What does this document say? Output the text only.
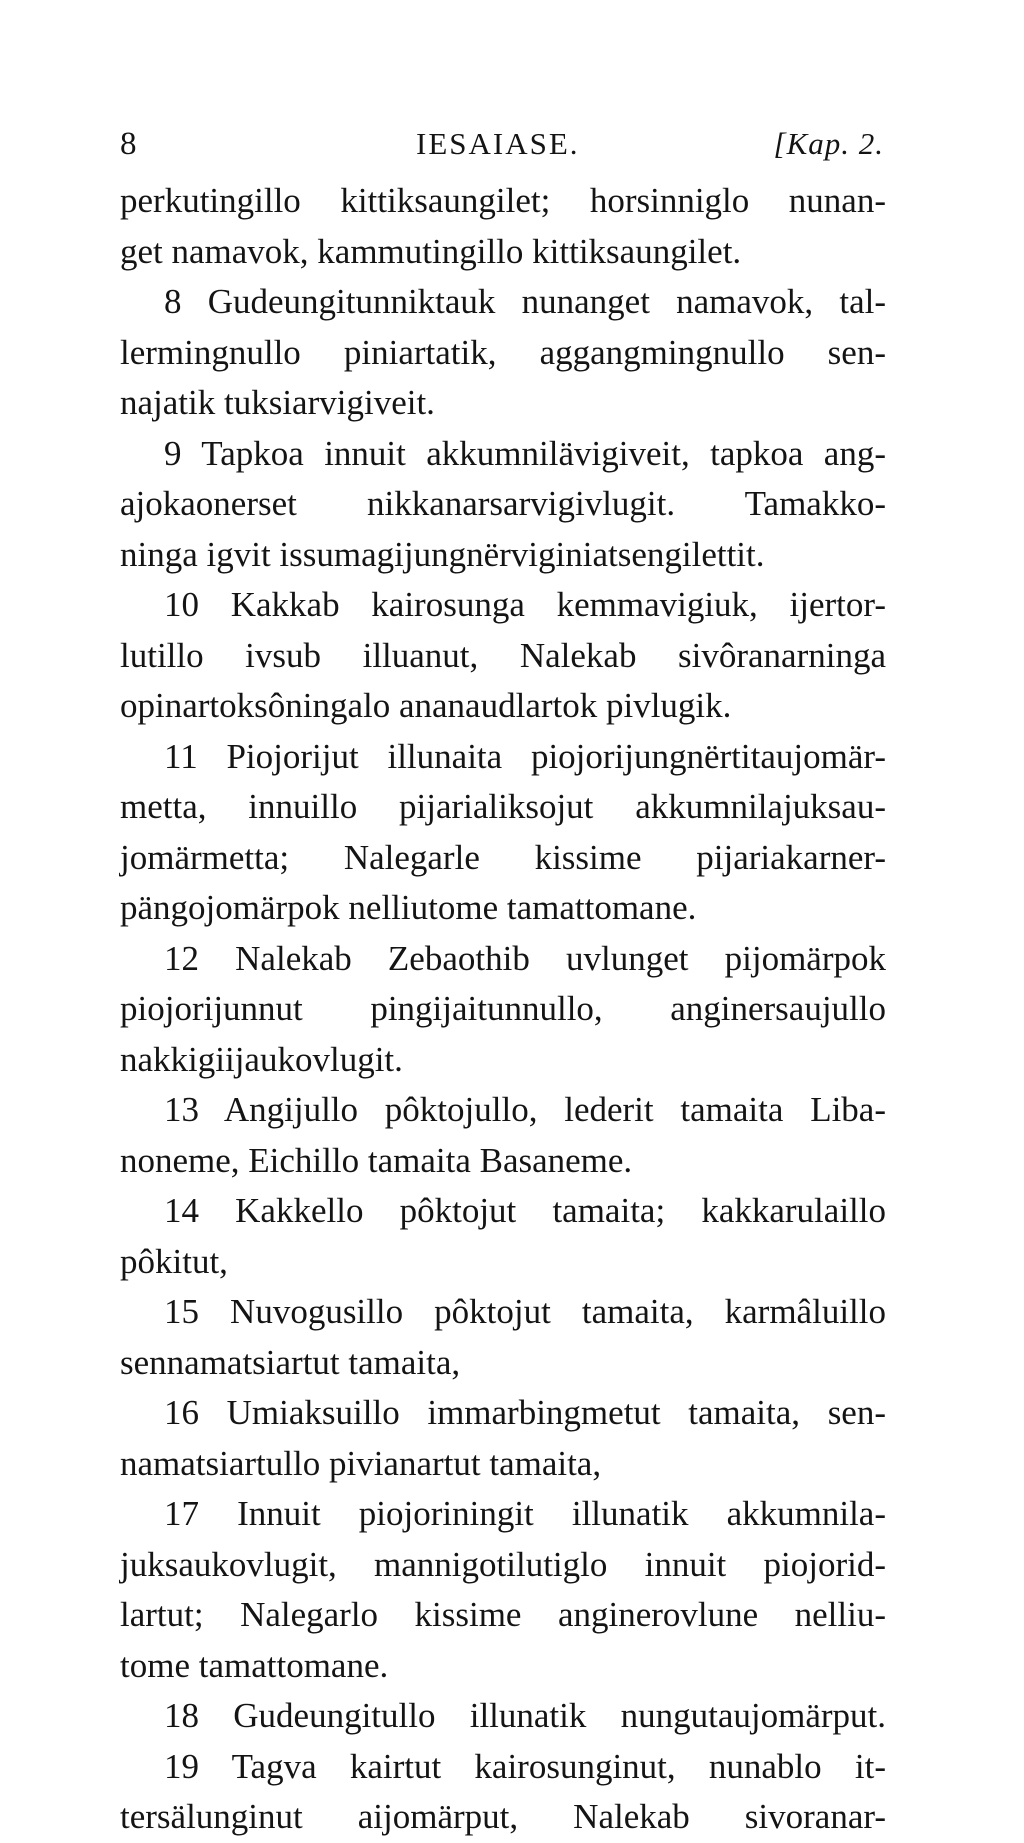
8	IESAIASE.	[Kap. 2.
perkutingillo kittiksaungilet; horsinniglo nunan-
get namavok, kammutingillo kittiksaungilet.
8 Gudeungitunniktauk nunanget namavok, tal-
lermingnullo piniartatik, aggangmingnullo sen-
najatik tuksiarvigiveit.
9 Tapkoa innuit akkumnilävigiveit, tapkoa ang-
ajokaonerset nikkanarsarvigivlugit. Tamakko-
ninga igvit issumagijungnërviginiatsengilettit.
10 Kakkab kairosunga kemmavigiuk, ijertor-
lutillo ivsub illuanut, Nalekab sivôranarninga
opinartoksôningalo ananaudlartok pivlugik.
11 Piojorijut illunaita piojorijungnërtitaujomär-
metta, innuillo pijarialiksojut akkumnilajuksau-
jomärmetta; Nalegarle kissime pijariakarner-
pängojomärpok nelliutome tamattomane.
12 Nalekab Zebaothib uvlunget pijomärpok
piojorijunnut pingijaitunnullo, anginersaujullo
nakkigiijaukovlugit.
13 Angijullo pôktojullo, lederit tamaita Liba-
noneme, Eichillo tamaita Basaneme.
14 Kakkello pôktojut tamaita; kakkarulaillo
pôkitut,
15 Nuvogusillo pôktojut tamaita, karmâluillo
sennamatsiartut tamaita,
16 Umiaksuillo immarbingmetut tamaita, sen-
namatsiartullo pivianartut tamaita,
17 Innuit piojoriningit illunatik akkumnila-
juksaukovlugit, mannigotilutiglo innuit piojorid-
lartut; Nalegarlo kissime anginerovlune nelliu-
tome tamattomane.
18 Gudeungitullo illunatik nungutaujomärput.
19 Tagva kairtut kairosunginut, nunablo it-
tersälunginut aijomärput, Nalekab sivoranar-
